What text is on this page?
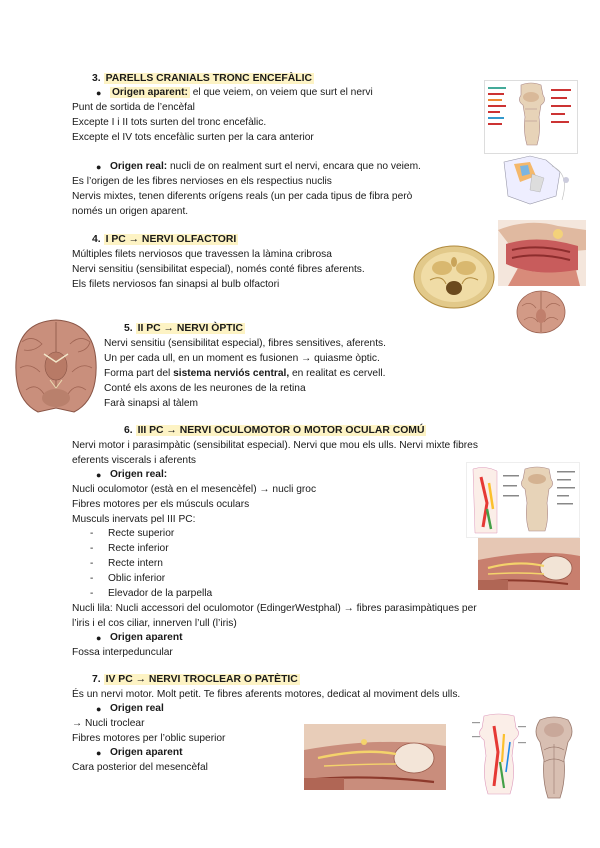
3. PARELLS CRANIALS TRONC ENCEFÀLIC
● Origen aparent: el que veiem, on veiem que surt el nervi
Punt de sortida de l’encèfal
Excepte I i II tots surten del tronc encefàlic.
Excepte el IV tots encefàlic surten per la cara anterior
● Origen real: nucli de on realment surt el nervi, encara que no veiem.
Es l’origen de les fibres nervioses en els respectius nuclis
Nervis mixtes, tenen diferents orígens reals (un per cada tipus de fibra però
només un origen aparent.
4. I PC → NERVI OLFACTORI
Múltiples filets nerviosos que travessen la làmina cribrosa
Nervi sensitiu (sensibilitat especial), només conté fibres aferents.
Els filets nerviosos fan sinapsi al bulb olfactori
5. II PC → NERVI ÒPTIC
Nervi sensitiu (sensibilitat especial), fibres sensitives, aferents.
Un per cada ull, en un moment es fusionen → quiasme òptic.
Forma part del sistema nerviós central, en realitat es cervell.
Conté els axons de les neurones de la retina
Farà sinapsi al tàlem
6. III PC → NERVI OCULOMOTOR O MOTOR OCULAR COMÚ
Nervi motor i parasimpàtic (sensibilitat especial). Nervi que mou els ulls. Nervi mixte fibres
eferents viscerals i aferents
● Origen real:
Nucli oculomotor (està en el mesencèfel) → nucli groc
Fibres motores per els músculs oculars
Musculs inervats pel III PC:
- Recte superior
- Recte inferior
- Recte intern
- Oblic inferior
- Elevador de la parpella
Nucli lila: Nucli accessori del oculomotor (EdingerWestphal) → fibres parasimpàtiques per
l’iris i el cos ciliar, innerven l’ull (l’iris)
● Origen aparent
Fossa interpeduncular
7. IV PC → NERVI TROCLEAR O PATÈTIC
És un nervi motor. Molt petit. Te fibres aferents motores, dedicat al moviment dels ulls.
● Origen real
→ Nucli troclear
Fibres motores per l’oblic superior
● Origen aparent
Cara posterior del mesencèfal
